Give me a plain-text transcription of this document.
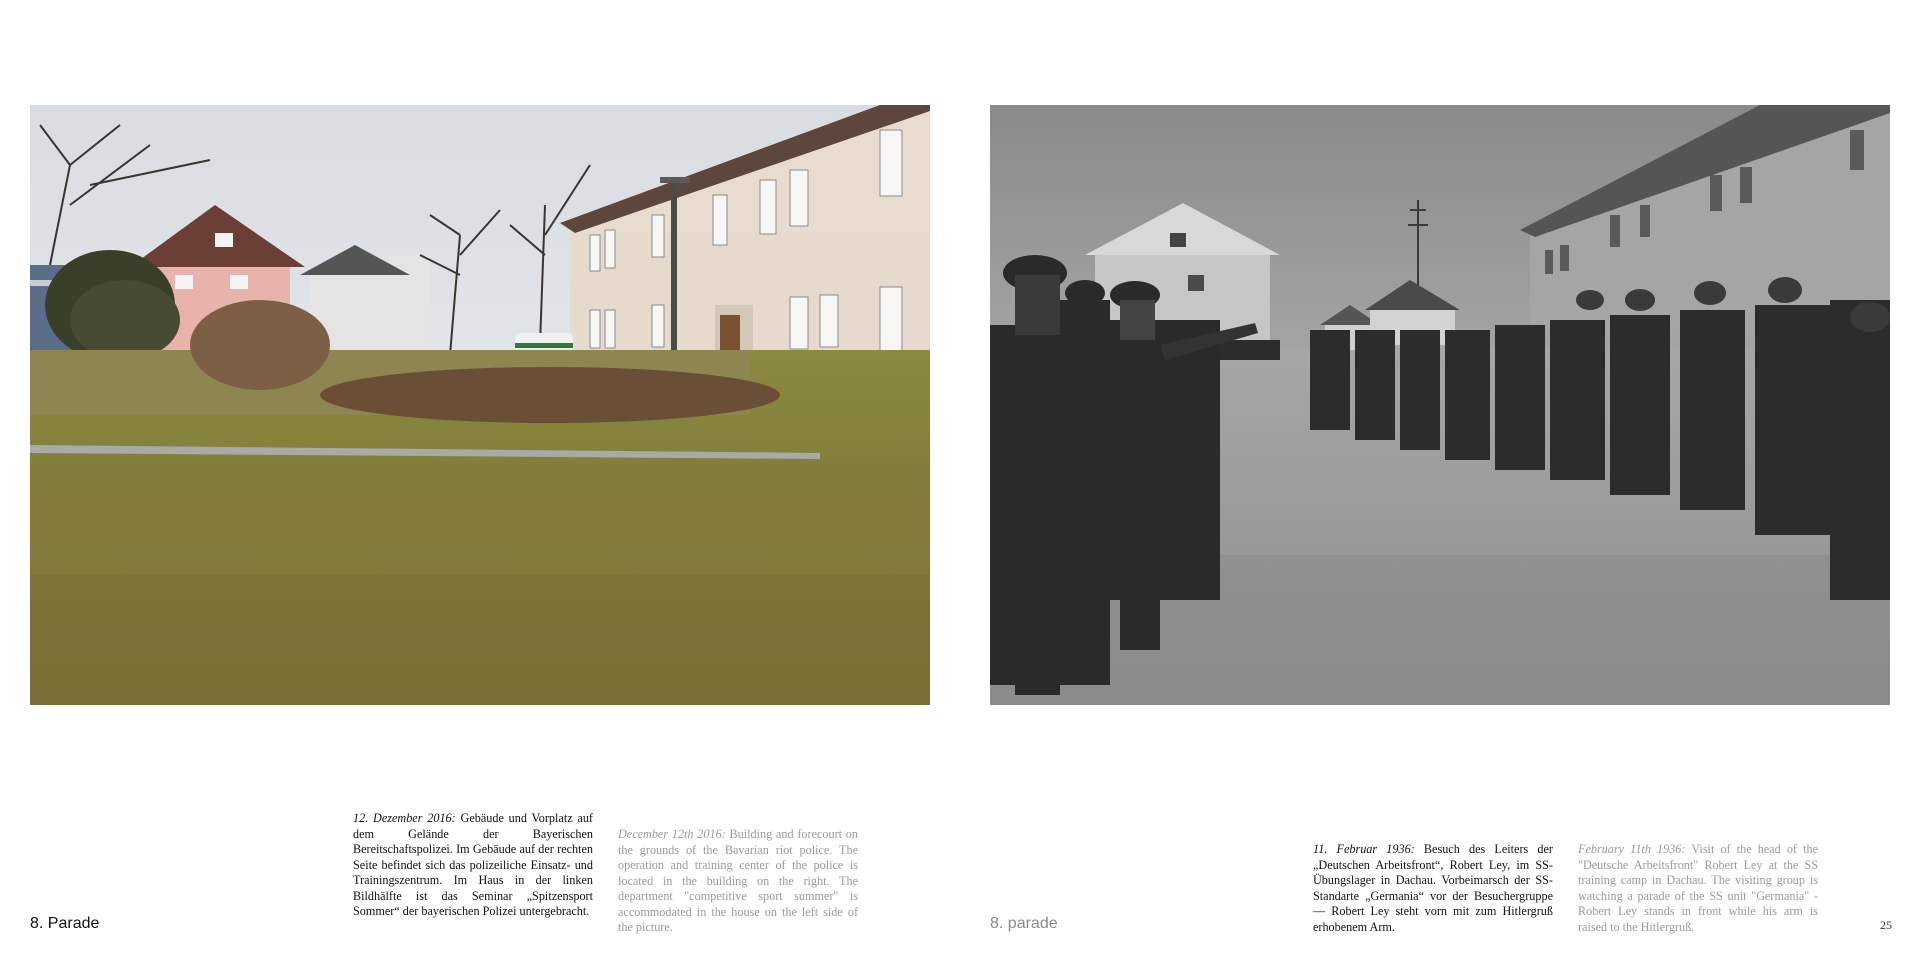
8. Parade
12. Dezember 2016: Gebäude und Vorplatz auf dem Gelände der Bayerischen Bereitschaftspolizei. Im Gebäude auf der rechten Seite befindet sich das polizeiliche Einsatz- und Trainingszentrum. Im Haus in der linken Bildhälfte ist das Seminar „Spitzensport Sommer“ der bayerischen Polizei untergebracht.
December 12th 2016: Building and forecourt on the grounds of the Bavarian riot police. The operation and training center of the police is located in the building on the right. The department "competitive sport summer" is accommodated in the house on the left side of the picture.	8. parade
11. Februar 1936: Besuch des Leiters der „Deutschen Arbeitsfront“, Robert Ley, im SS-Übungslager in Dachau. Vorbeimarsch der SS-Standarte „Germania“ vor der Besuchergruppe — Robert Ley steht vorn mit zum Hitlergruß erhobenem Arm.
February 11th 1936: Visit of the head of the "Deutsche Arbeitsfront" Robert Ley at the SS training camp in Dachau. The visiting group is watching a parade of the SS unit "Germania" - Robert Ley stands in front while his arm is raised to the Hitlergruß.	25
